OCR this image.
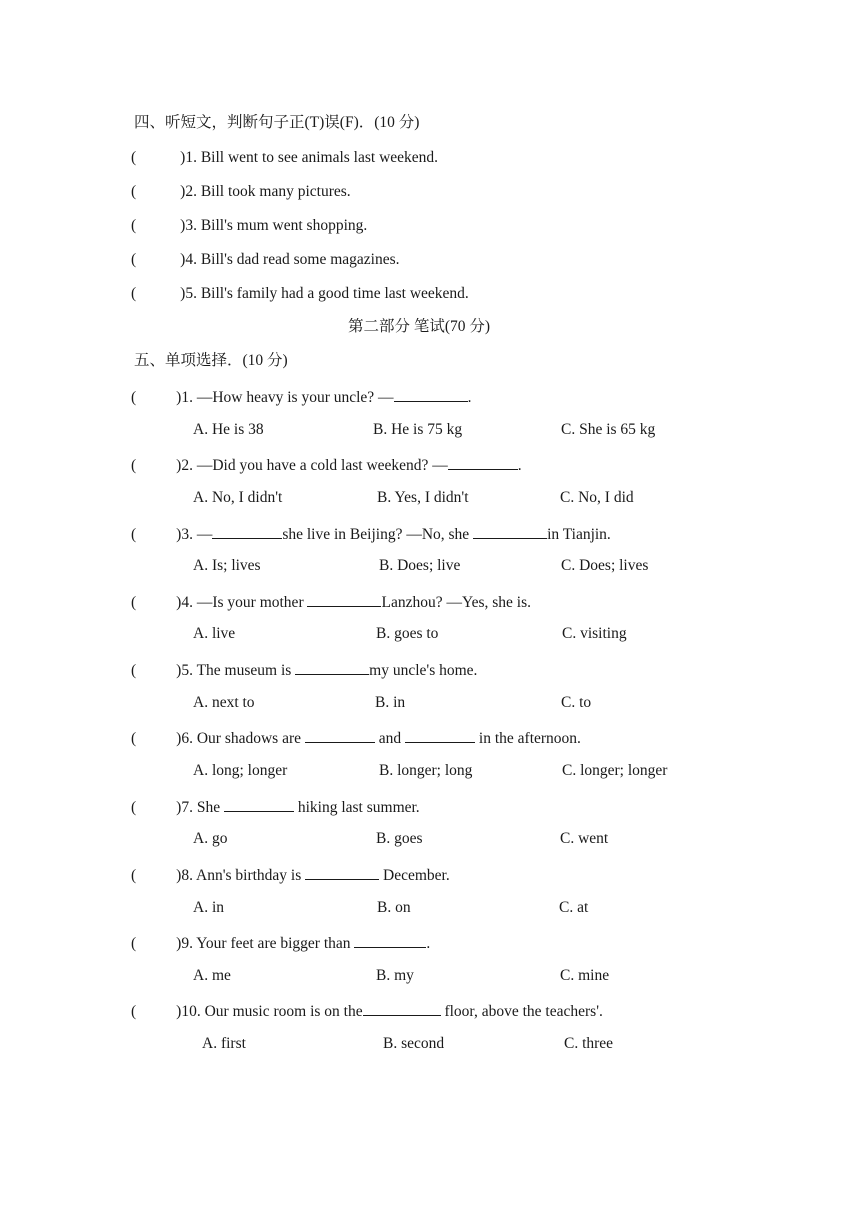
四、听短文，判断句子正(T)误(F)．(10 分)
(	)1. Bill went to see animals last weekend.
(	)2. Bill took many pictures.
(	)3. Bill's mum went shopping.
(	)4. Bill's dad read some magazines.
(	)5. Bill's family had a good time last weekend.
第二部分 笔试(70 分)
五、单项选择．(10 分)
(	)1. —How heavy is your uncle? —	.
A. He is 38	B. He is 75 kg	C. She is 65 kg
(	)2. —Did you have a cold last weekend? —	.
A. No, I didn't	B. Yes, I didn't	C. No, I did
(	)3. —	she live in Beijing? —No, she	in Tianjin.
A. Is; lives	B. Does; live	C. Does; lives
(	)4. —Is your mother	Lanzhou? —Yes, she is.
A. live	B. goes to	C. visiting
(	)5. The museum is	my uncle's home.
A. next to	B. in	C. to
(	)6. Our shadows are	and	in the afternoon.
A. long; longer	B. longer; long	C. longer; longer
(	)7. She	hiking last summer.
A. go	B. goes	C. went
(	)8. Ann's birthday is	December.
A. in	B. on	C. at
(	)9. Your feet are bigger than	.
A. me	B. my	C. mine
(	)10. Our music room is on the	floor, above the teachers'.
A. first	B. second	C. three
